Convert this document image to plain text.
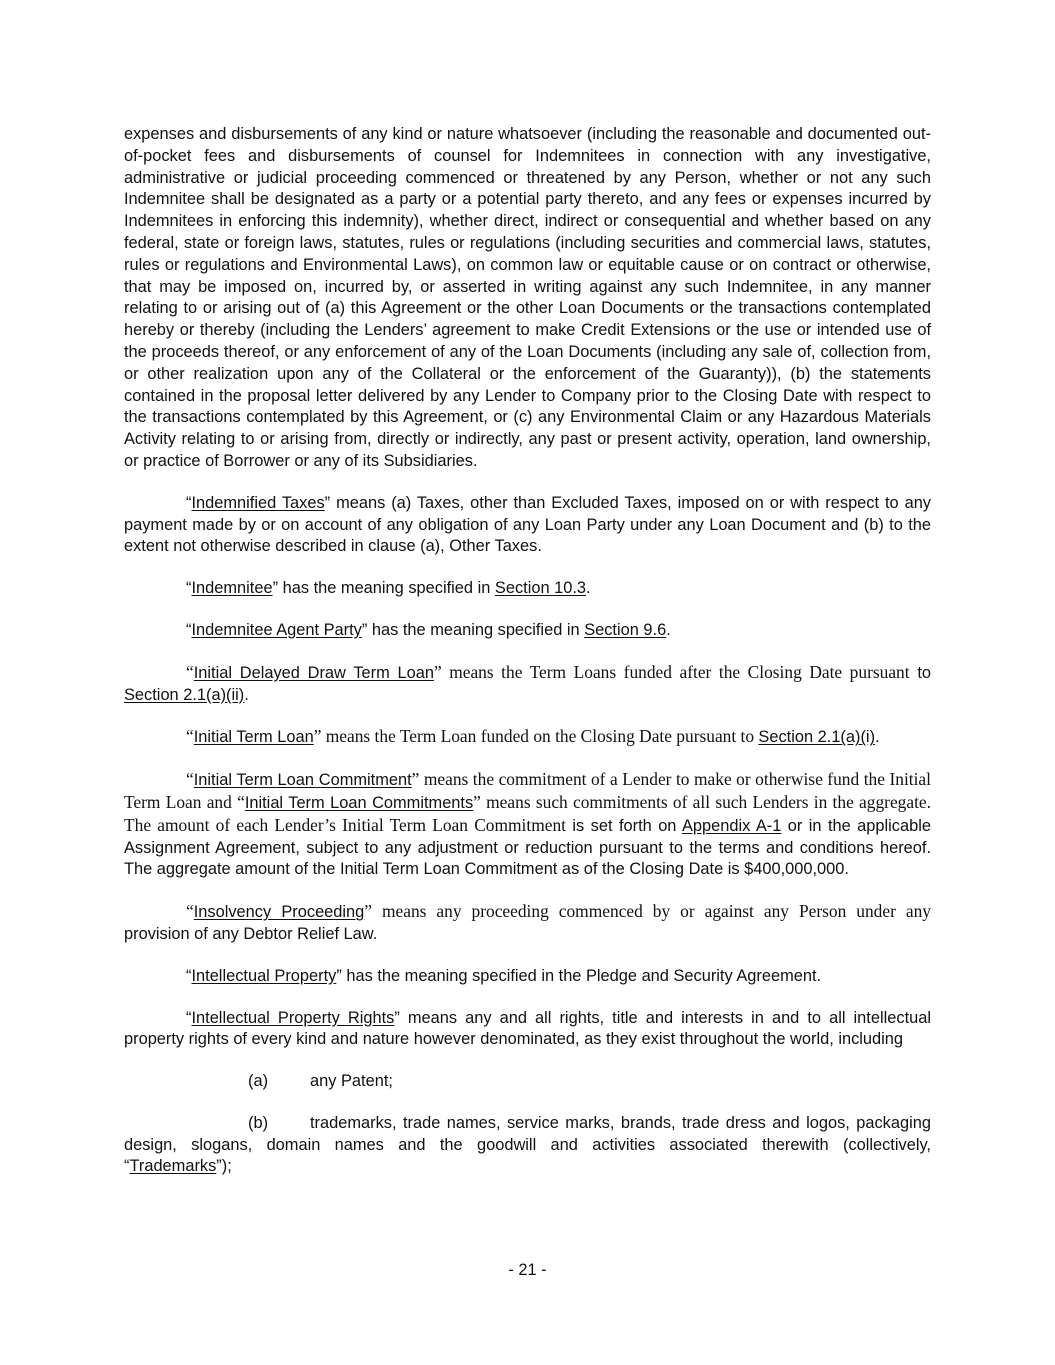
expenses and disbursements of any kind or nature whatsoever (including the reasonable and documented out-of-pocket fees and disbursements of counsel for Indemnitees in connection with any investigative, administrative or judicial proceeding commenced or threatened by any Person, whether or not any such Indemnitee shall be designated as a party or a potential party thereto, and any fees or expenses incurred by Indemnitees in enforcing this indemnity), whether direct, indirect or consequential and whether based on any federal, state or foreign laws, statutes, rules or regulations (including securities and commercial laws, statutes, rules or regulations and Environmental Laws), on common law or equitable cause or on contract or otherwise, that may be imposed on, incurred by, or asserted in writing against any such Indemnitee, in any manner relating to or arising out of (a) this Agreement or the other Loan Documents or the transactions contemplated hereby or thereby (including the Lenders’ agreement to make Credit Extensions or the use or intended use of the proceeds thereof, or any enforcement of any of the Loan Documents (including any sale of, collection from, or other realization upon any of the Collateral or the enforcement of the Guaranty)), (b) the statements contained in the proposal letter delivered by any Lender to Company prior to the Closing Date with respect to the transactions contemplated by this Agreement, or (c) any Environmental Claim or any Hazardous Materials Activity relating to or arising from, directly or indirectly, any past or present activity, operation, land ownership, or practice of Borrower or any of its Subsidiaries.

“Indemnified Taxes” means (a) Taxes, other than Excluded Taxes, imposed on or with respect to any payment made by or on account of any obligation of any Loan Party under any Loan Document and (b) to the extent not otherwise described in clause (a), Other Taxes.

“Indemnitee” has the meaning specified in Section 10.3.

“Indemnitee Agent Party” has the meaning specified in Section 9.6.

“Initial Delayed Draw Term Loan” means the Term Loans funded after the Closing Date pursuant to Section 2.1(a)(ii).

“Initial Term Loan” means the Term Loan funded on the Closing Date pursuant to Section 2.1(a)(i).

“Initial Term Loan Commitment” means the commitment of a Lender to make or otherwise fund the Initial Term Loan and “Initial Term Loan Commitments” means such commitments of all such Lenders in the aggregate. The amount of each Lender’s Initial Term Loan Commitment is set forth on Appendix A-1 or in the applicable Assignment Agreement, subject to any adjustment or reduction pursuant to the terms and conditions hereof. The aggregate amount of the Initial Term Loan Commitment as of the Closing Date is $400,000,000.

“Insolvency Proceeding” means any proceeding commenced by or against any Person under any provision of any Debtor Relief Law.

“Intellectual Property” has the meaning specified in the Pledge and Security Agreement.

“Intellectual Property Rights” means any and all rights, title and interests in and to all intellectual property rights of every kind and nature however denominated, as they exist throughout the world, including

(a)	any Patent;

(b)	trademarks, trade names, service marks, brands, trade dress and logos, packaging design, slogans, domain names and the goodwill and activities associated therewith (collectively, “Trademarks”);

- 21 -
